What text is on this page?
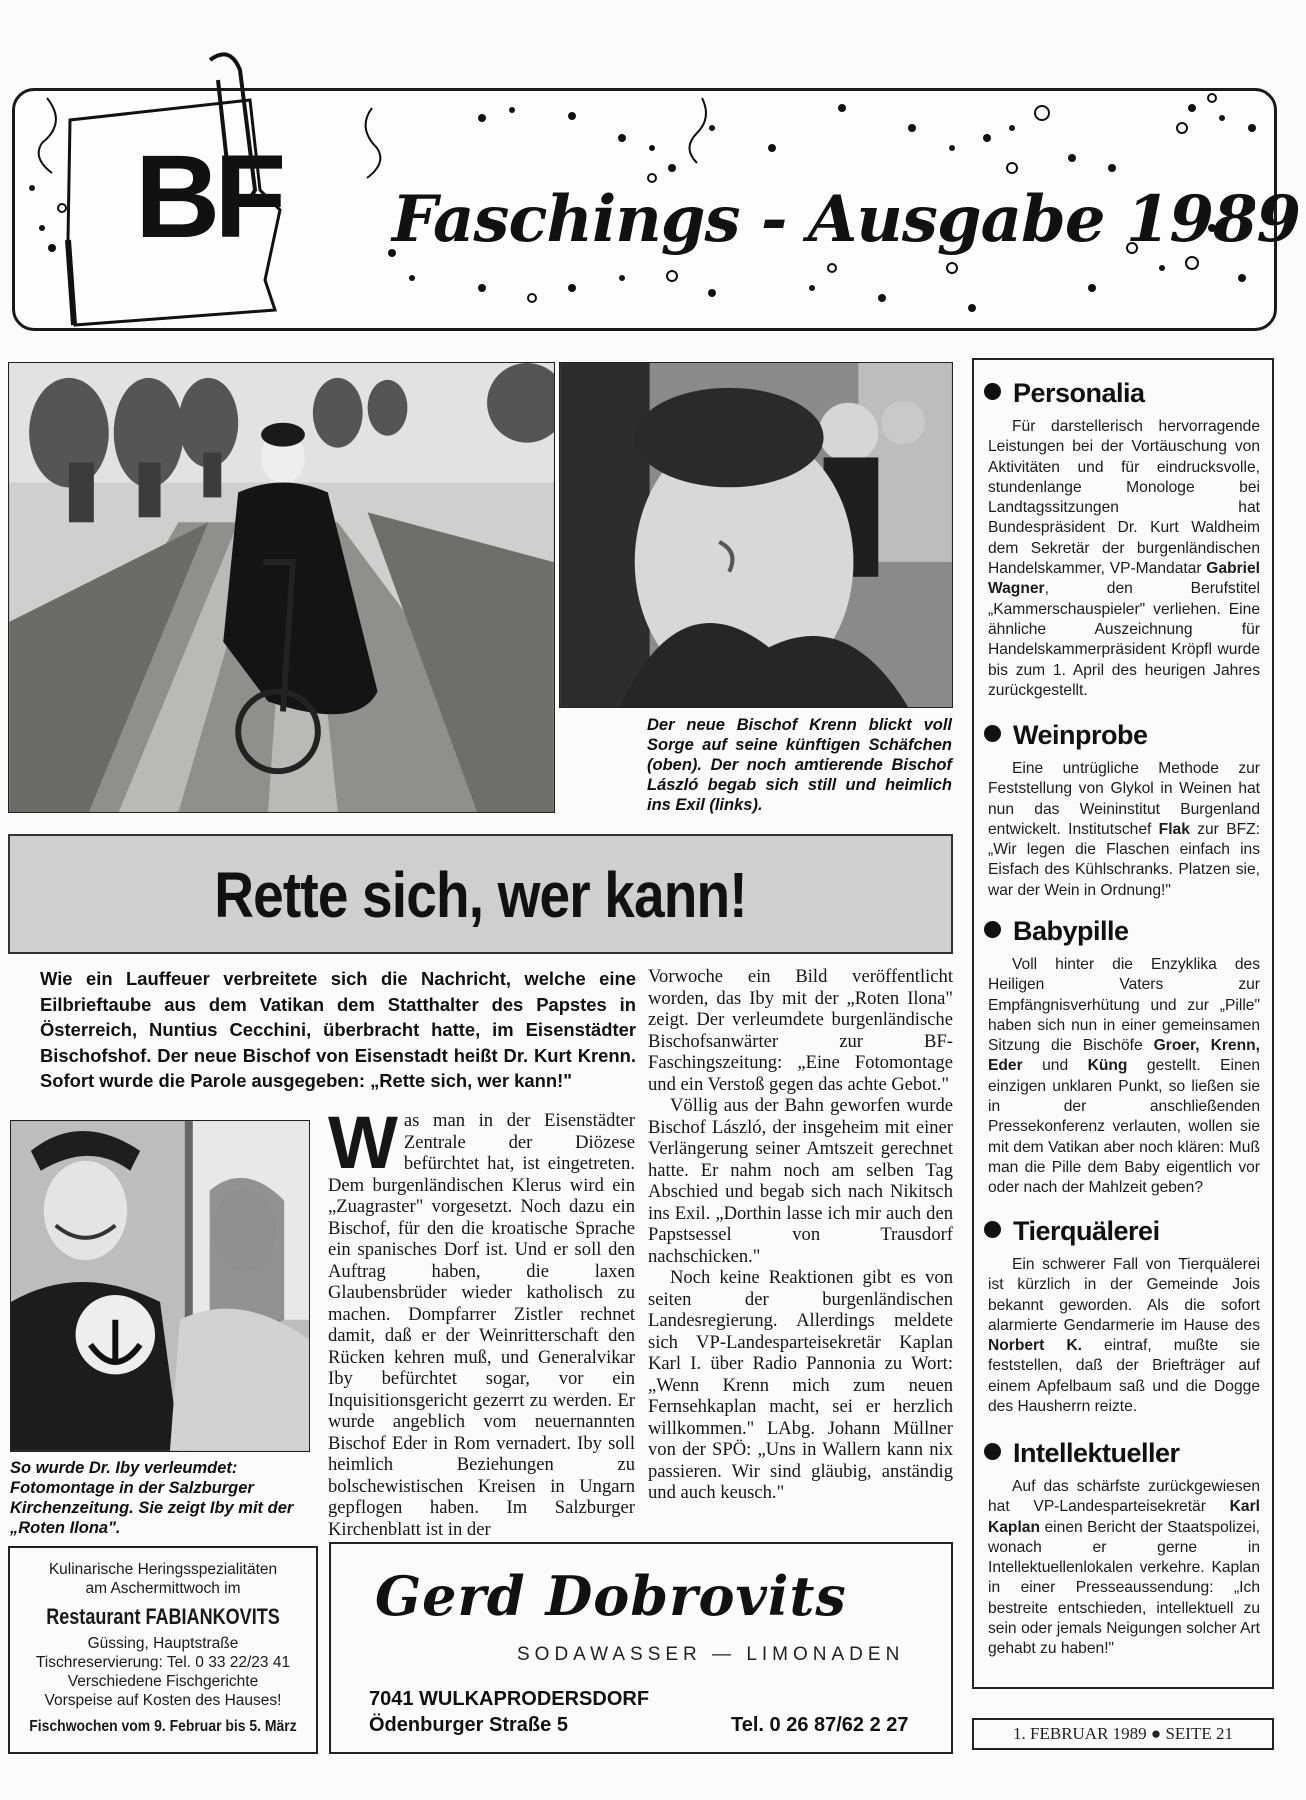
BF Faschings - Ausgabe 1989
Der neue Bischof Krenn blickt voll Sorge auf seine künftigen Schäfchen (oben). Der noch amtierende Bischof László begab sich still und heimlich ins Exil (links).
Rette sich, wer kann!
Wie ein Lauffeuer verbreitete sich die Nachricht, welche eine Eilbrieftaube aus dem Vatikan dem Statthalter des Papstes in Österreich, Nuntius Cecchini, überbracht hatte, im Eisenstädter Bischofshof. Der neue Bischof von Eisenstadt heißt Dr. Kurt Krenn. Sofort wurde die Parole ausgegeben: „Rette sich, wer kann!"
So wurde Dr. Iby verleumdet: Fotomontage in der Salzburger Kirchenzeitung. Sie zeigt Iby mit der „Roten Ilona".
Was man in der Eisenstädter Zentrale der Diözese befürchtet hat, ist eingetreten. Dem burgenländischen Klerus wird ein „Zuagraster" vorgesetzt. Noch dazu ein Bischof, für den die kroatische Sprache ein spanisches Dorf ist. Und er soll den Auftrag haben, die laxen Glaubensbrüder wieder katholisch zu machen. Dompfarrer Zistler rechnet damit, daß er der Weinritterschaft den Rücken kehren muß, und Generalvikar Iby befürchtet sogar, vor ein Inquisitionsgericht gezerrt zu werden. Er wurde angeblich vom neuernannten Bischof Eder in Rom vernadert. Iby soll heimlich Beziehungen zu bolschewistischen Kreisen in Ungarn gepflogen haben. Im Salzburger Kirchenblatt ist in der

Vorwoche ein Bild veröffentlicht worden, das Iby mit der „Roten Ilona" zeigt. Der verleumdete burgenländische Bischofsanwärter zur BF-Faschingszeitung: „Eine Fotomontage und ein Verstoß gegen das achte Gebot."

Völlig aus der Bahn geworfen wurde Bischof László, der insgeheim mit einer Verlängerung seiner Amtszeit gerechnet hatte. Er nahm noch am selben Tag Abschied und begab sich nach Nikitsch ins Exil. „Dorthin lasse ich mir auch den Papstsessel von Trausdorf nachschicken."

Noch keine Reaktionen gibt es von seiten der burgenländischen Landesregierung. Allerdings meldete sich VP-Landesparteisekretär Kaplan Karl I. über Radio Pannonia zu Wort: „Wenn Krenn mich zum neuen Fernsehkaplan macht, sei er herzlich willkommen." LAbg. Johann Müllner von der SPÖ: „Uns in Wallern kann nix passieren. Wir sind gläubig, anständig und auch keusch."

Personalia

Für darstellerisch hervorragende Leistungen bei der Vortäuschung von Aktivitäten und für eindrucksvolle, stundenlange Monologe bei Landtagssitzungen hat Bundespräsident Dr. Kurt Waldheim dem Sekretär der burgenländischen Handelskammer, VP-Mandatar Gabriel Wagner, den Berufstitel „Kammerschauspieler" verliehen. Eine ähnliche Auszeichnung für Handelskammerpräsident Kröpfl wurde bis zum 1. April des heurigen Jahres zurückgestellt.

Weinprobe

Eine untrügliche Methode zur Feststellung von Glykol in Weinen hat nun das Weininstitut Burgenland entwickelt. Institutschef Flak zur BFZ: „Wir legen die Flaschen einfach ins Eisfach des Kühlschranks. Platzen sie, war der Wein in Ordnung!"

Babypille

Voll hinter die Enzyklika des Heiligen Vaters zur Empfängnisverhütung und zur „Pille" haben sich nun in einer gemeinsamen Sitzung die Bischöfe Groer, Krenn, Eder und Küng gestellt. Einen einzigen unklaren Punkt, so ließen sie in der anschließenden Pressekonferenz verlauten, wollen sie mit dem Vatikan aber noch klären: Muß man die Pille dem Baby eigentlich vor oder nach der Mahlzeit geben?

Tierquälerei

Ein schwerer Fall von Tierquälerei ist kürzlich in der Gemeinde Jois bekannt geworden. Als die sofort alarmierte Gendarmerie im Hause des Norbert K. eintraf, mußte sie feststellen, daß der Briefträger auf einem Apfelbaum saß und die Dogge des Hausherrn reizte.

Intellektueller

Auf das schärfste zurückgewiesen hat VP-Landesparteisekretär Karl Kaplan einen Bericht der Staatspolizei, wonach er gerne in Intellektuellenlokalen verkehre. Kaplan in einer Presseaussendung: „Ich bestreite entschieden, intellektuell zu sein oder jemals Neigungen solcher Art gehabt zu haben!"

1. FEBRUAR 1989 ● SEITE 21
Kulinarische Heringsspezialitäten
am Aschermittwoch im
Restaurant FABIANKOVITS
Güssing, Hauptstraße
Tischreservierung: Tel. 0 33 22/23 41
Verschiedene Fischgerichte
Vorspeise auf Kosten des Hauses!
Fischwochen vom 9. Februar bis 5. März
Gerd Dobrovits
SODAWASSER — LIMONADEN
7041 WULKAPRODERSDORF
Ödenburger Straße 5	Tel. 0 26 87/62 2 27
